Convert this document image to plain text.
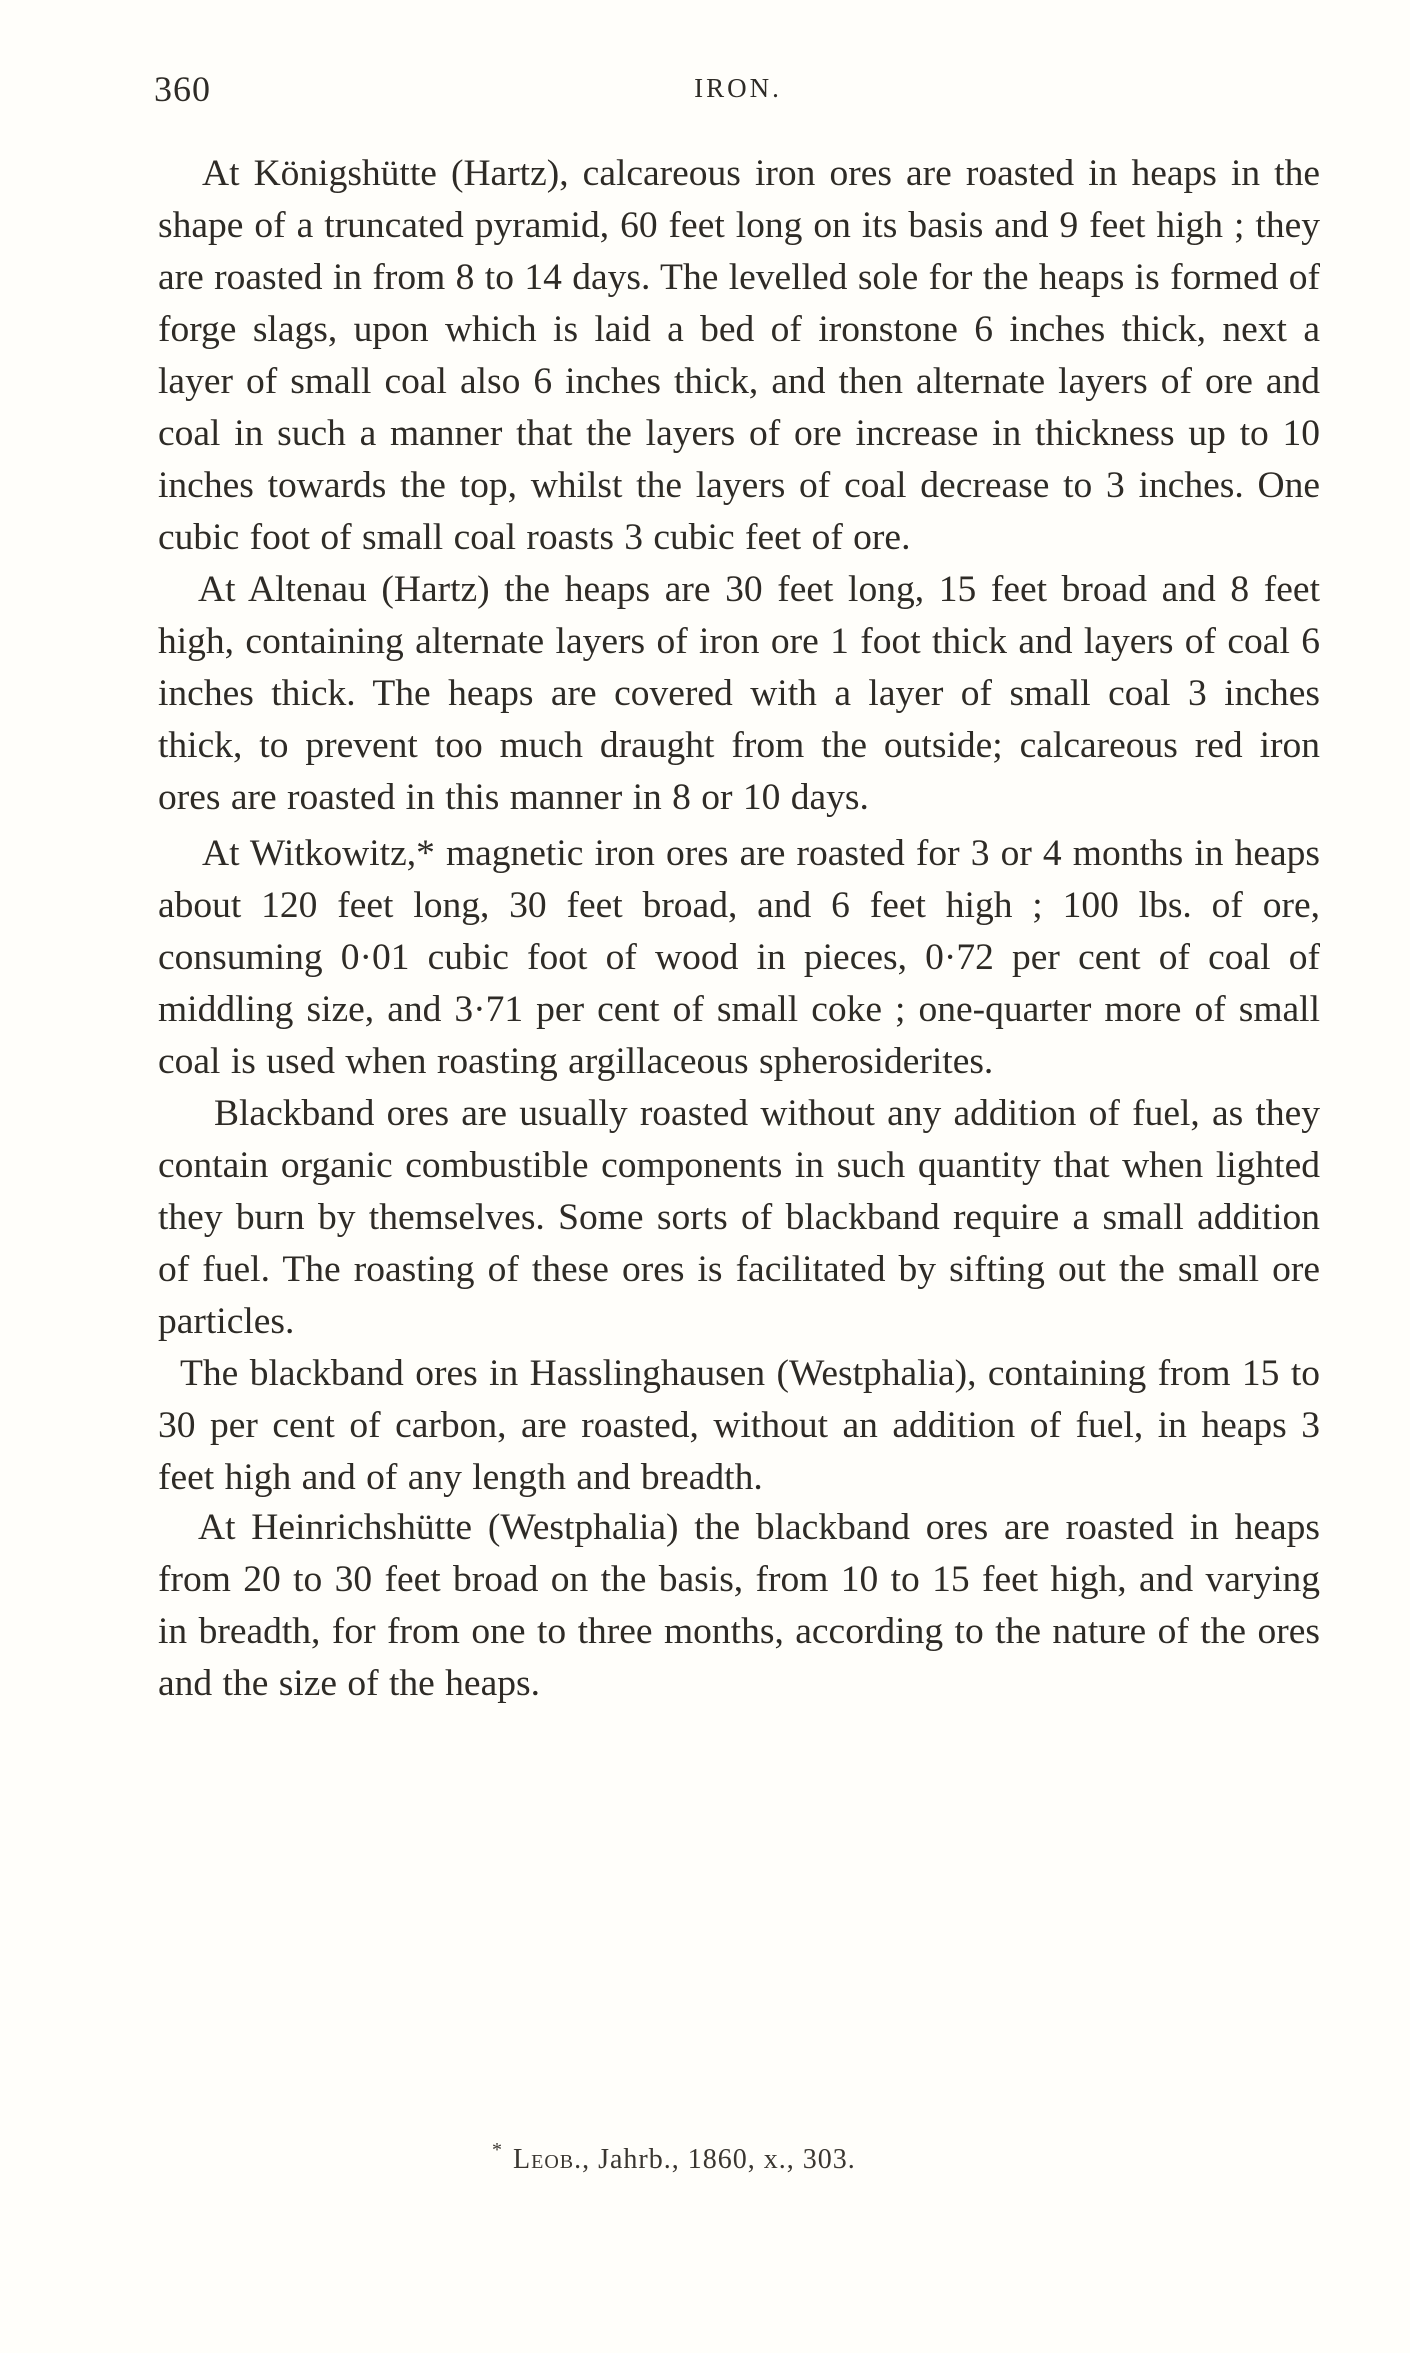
360	IRON.

At Königshütte (Hartz), calcareous iron ores are roasted in heaps in the shape of a truncated pyramid, 60 feet long on its basis and 9 feet high ; they are roasted in from 8 to 14 days. The levelled sole for the heaps is formed of forge slags, upon which is laid a bed of ironstone 6 inches thick, next a layer of small coal also 6 inches thick, and then alternate layers of ore and coal in such a manner that the layers of ore increase in thickness up to 10 inches towards the top, whilst the layers of coal decrease to 3 inches. One cubic foot of small coal roasts 3 cubic feet of ore.

At Altenau (Hartz) the heaps are 30 feet long, 15 feet broad and 8 feet high, containing alternate layers of iron ore 1 foot thick and layers of coal 6 inches thick. The heaps are covered with a layer of small coal 3 inches thick, to prevent too much draught from the outside; calcareous red iron ores are roasted in this manner in 8 or 10 days.

At Witkowitz,* magnetic iron ores are roasted for 3 or 4 months in heaps about 120 feet long, 30 feet broad, and 6 feet high ; 100 lbs. of ore, consuming 0·01 cubic foot of wood in pieces, 0·72 per cent of coal of middling size, and 3·71 per cent of small coke ; one-quarter more of small coal is used when roasting argillaceous spherosiderites.

Blackband ores are usually roasted without any addition of fuel, as they contain organic combustible components in such quantity that when lighted they burn by themselves. Some sorts of blackband require a small addition of fuel. The roasting of these ores is facilitated by sifting out the small ore particles.

The blackband ores in Hasslinghausen (Westphalia), containing from 15 to 30 per cent of carbon, are roasted, without an addition of fuel, in heaps 3 feet high and of any length and breadth.

At Heinrichshütte (Westphalia) the blackband ores are roasted in heaps from 20 to 30 feet broad on the basis, from 10 to 15 feet high, and varying in breadth, for from one to three months, according to the nature of the ores and the size of the heaps.

* Leob., Jahrb., 1860, x., 303.
